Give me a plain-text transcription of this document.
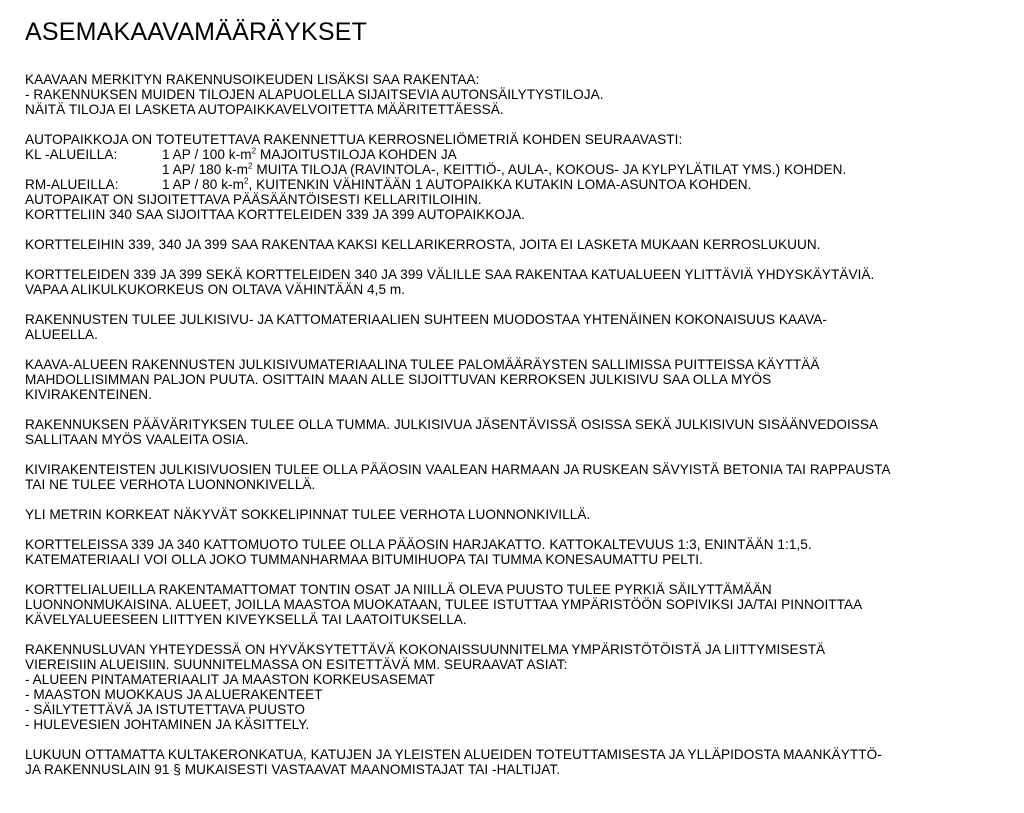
ASEMAKAAVAMÄÄRÄYKSET
KAAVAAN MERKITYN RAKENNUSOIKEUDEN LISÄKSI SAA RAKENTAA:
- RAKENNUKSEN MUIDEN TILOJEN ALAPUOLELLA SIJAITSEVIA AUTONSÄILYTYSTILOJA.
NÄITÄ TILOJA EI LASKETA AUTOPAIKKAVELVOITETTA MÄÄRITETTÄESSÄ.
AUTOPAIKKOJA ON TOTEUTETTAVA RAKENNETTUA KERROSNELIÖMETRIÄ KOHDEN SEURAAVASTI:
KL -ALUEILLA:	1 AP / 100 $k-m^2$ MAJOITUSTILOJA KOHDEN JA
1 AP/ 180 $k-m^2$ MUITA TILOJA (RAVINTOLA-, KEITTIÖ-, AULA-, KOKOUS- JA KYLPYLÄTILAT YMS.) KOHDEN.
RM-ALUEILLA:	1 AP / 80 $k-m^2$, KUITENKIN VÄHINTÄÄN 1 AUTOPAIKKA KUTAKIN LOMA-ASUNTOA KOHDEN.
AUTOPAIKAT ON SIJOITETTAVA PÄÄSÄÄNTÖISESTI KELLARITILOIHIN.
KORTTELIIN 340 SAA SIJOITTAA KORTTELEIDEN 339 JA 399 AUTOPAIKKOJA.
KORTTELEIHIN 339, 340 JA 399 SAA RAKENTAA KAKSI KELLARIKERROSTA, JOITA EI LASKETA MUKAAN KERROSLUKUUN.
KORTTELEIDEN 339 JA 399 SEKÄ KORTTELEIDEN 340 JA 399 VÄLILLE SAA RAKENTAA KATUALUEEN YLITTÄVIÄ YHDYSKÄYTÄVIÄ.
VAPAA ALIKULKUKORKEUS ON OLTAVA VÄHINTÄÄN 4,5 m.
RAKENNUSTEN TULEE JULKISIVU- JA KATTOMATERIAALIEN SUHTEEN MUODOSTAA YHTENÄINEN KOKONAISUUS KAAVA-
ALUEELLA.
KAAVA-ALUEEN RAKENNUSTEN JULKISIVUMATERIAALINA TULEE PALOMÄÄRÄYSTEN SALLIMISSA PUITTEISSA KÄYTTÄÄ
MAHDOLLISIMMAN PALJON PUUTA. OSITTAIN MAAN ALLE SIJOITTUVAN KERROKSEN JULKISIVU SAA OLLA MYÖS
KIVIRAKENTEINEN.
RAKENNUKSEN PÄÄVÄRITYKSEN TULEE OLLA TUMMA. JULKISIVUA JÄSENTÄVISSÄ OSISSA SEKÄ JULKISIVUN SISÄÄNVEDOISSA
SALLITAAN MYÖS VAALEITA OSIA.
KIVIRAKENTEISTEN JULKISIVUOSIEN TULEE OLLA PÄÄOSIN VAALEAN HARMAAN JA RUSKEAN SÄVYISTÄ BETONIA TAI RAPPAUSTA
TAI NE TULEE VERHOTA LUONNONKIVELLÄ.
YLI METRIN KORKEAT NÄKYVÄT SOKKELIPINNAT TULEE VERHOTA LUONNONKIVILLÄ.
KORTTELEISSA 339 JA 340 KATTOMUOTO TULEE OLLA PÄÄOSIN HARJAKATTO. KATTOKALTEVUUS 1:3, ENINTÄÄN 1:1,5.
KATEMATERIAALI VOI OLLA JOKO TUMMANHARMAA BITUMIHUOPA TAI TUMMA KONESAUMATTU PELTI.
KORTTELIALUEILLA RAKENTAMATTOMAT TONTIN OSAT JA NIILLÄ OLEVA PUUSTO TULEE PYRKIÄ SÄILYTTÄMÄÄN
LUONNONMUKAISINA. ALUEET, JOILLA MAASTOA MUOKATAAN, TULEE ISTUTTAA YMPÄRISTÖÖN SOPIVIKSI JA/TAI PINNOITTAA
KÄVELYALUEESEEN LIITTYEN KIVEYKSELLÄ TAI LAATOITUKSELLA.
RAKENNUSLUVAN YHTEYDESSÄ ON HYVÄKSYTETTÄVÄ KOKONAISSUUNNITELMA YMPÄRISTÖTÖISTÄ JA LIITTYMISESTÄ
VIEREISIIN ALUEISIIN. SUUNNITELMASSA ON ESITETTÄVÄ MM. SEURAAVAT ASIAT:
- ALUEEN PINTAMATERIAALIT JA MAASTON KORKEUSASEMAT
- MAASTON MUOKKAUS JA ALUERAKENTEET
- SÄILYTETTÄVÄ JA ISTUTETTAVA PUUSTO
- HULEVESIEN JOHTAMINEN JA KÄSITTELY.
LUKUUN OTTAMATTA KULTAKERONKATUA, KATUJEN JA YLEISTEN ALUEIDEN TOTEUTTAMISESTA JA YLLÄPIDOSTA MAANKÄYTTÖ-
JA RAKENNUSLAIN 91 § MUKAISESTI VASTAAVAT MAANOMISTAJAT TAI -HALTIJAT.
